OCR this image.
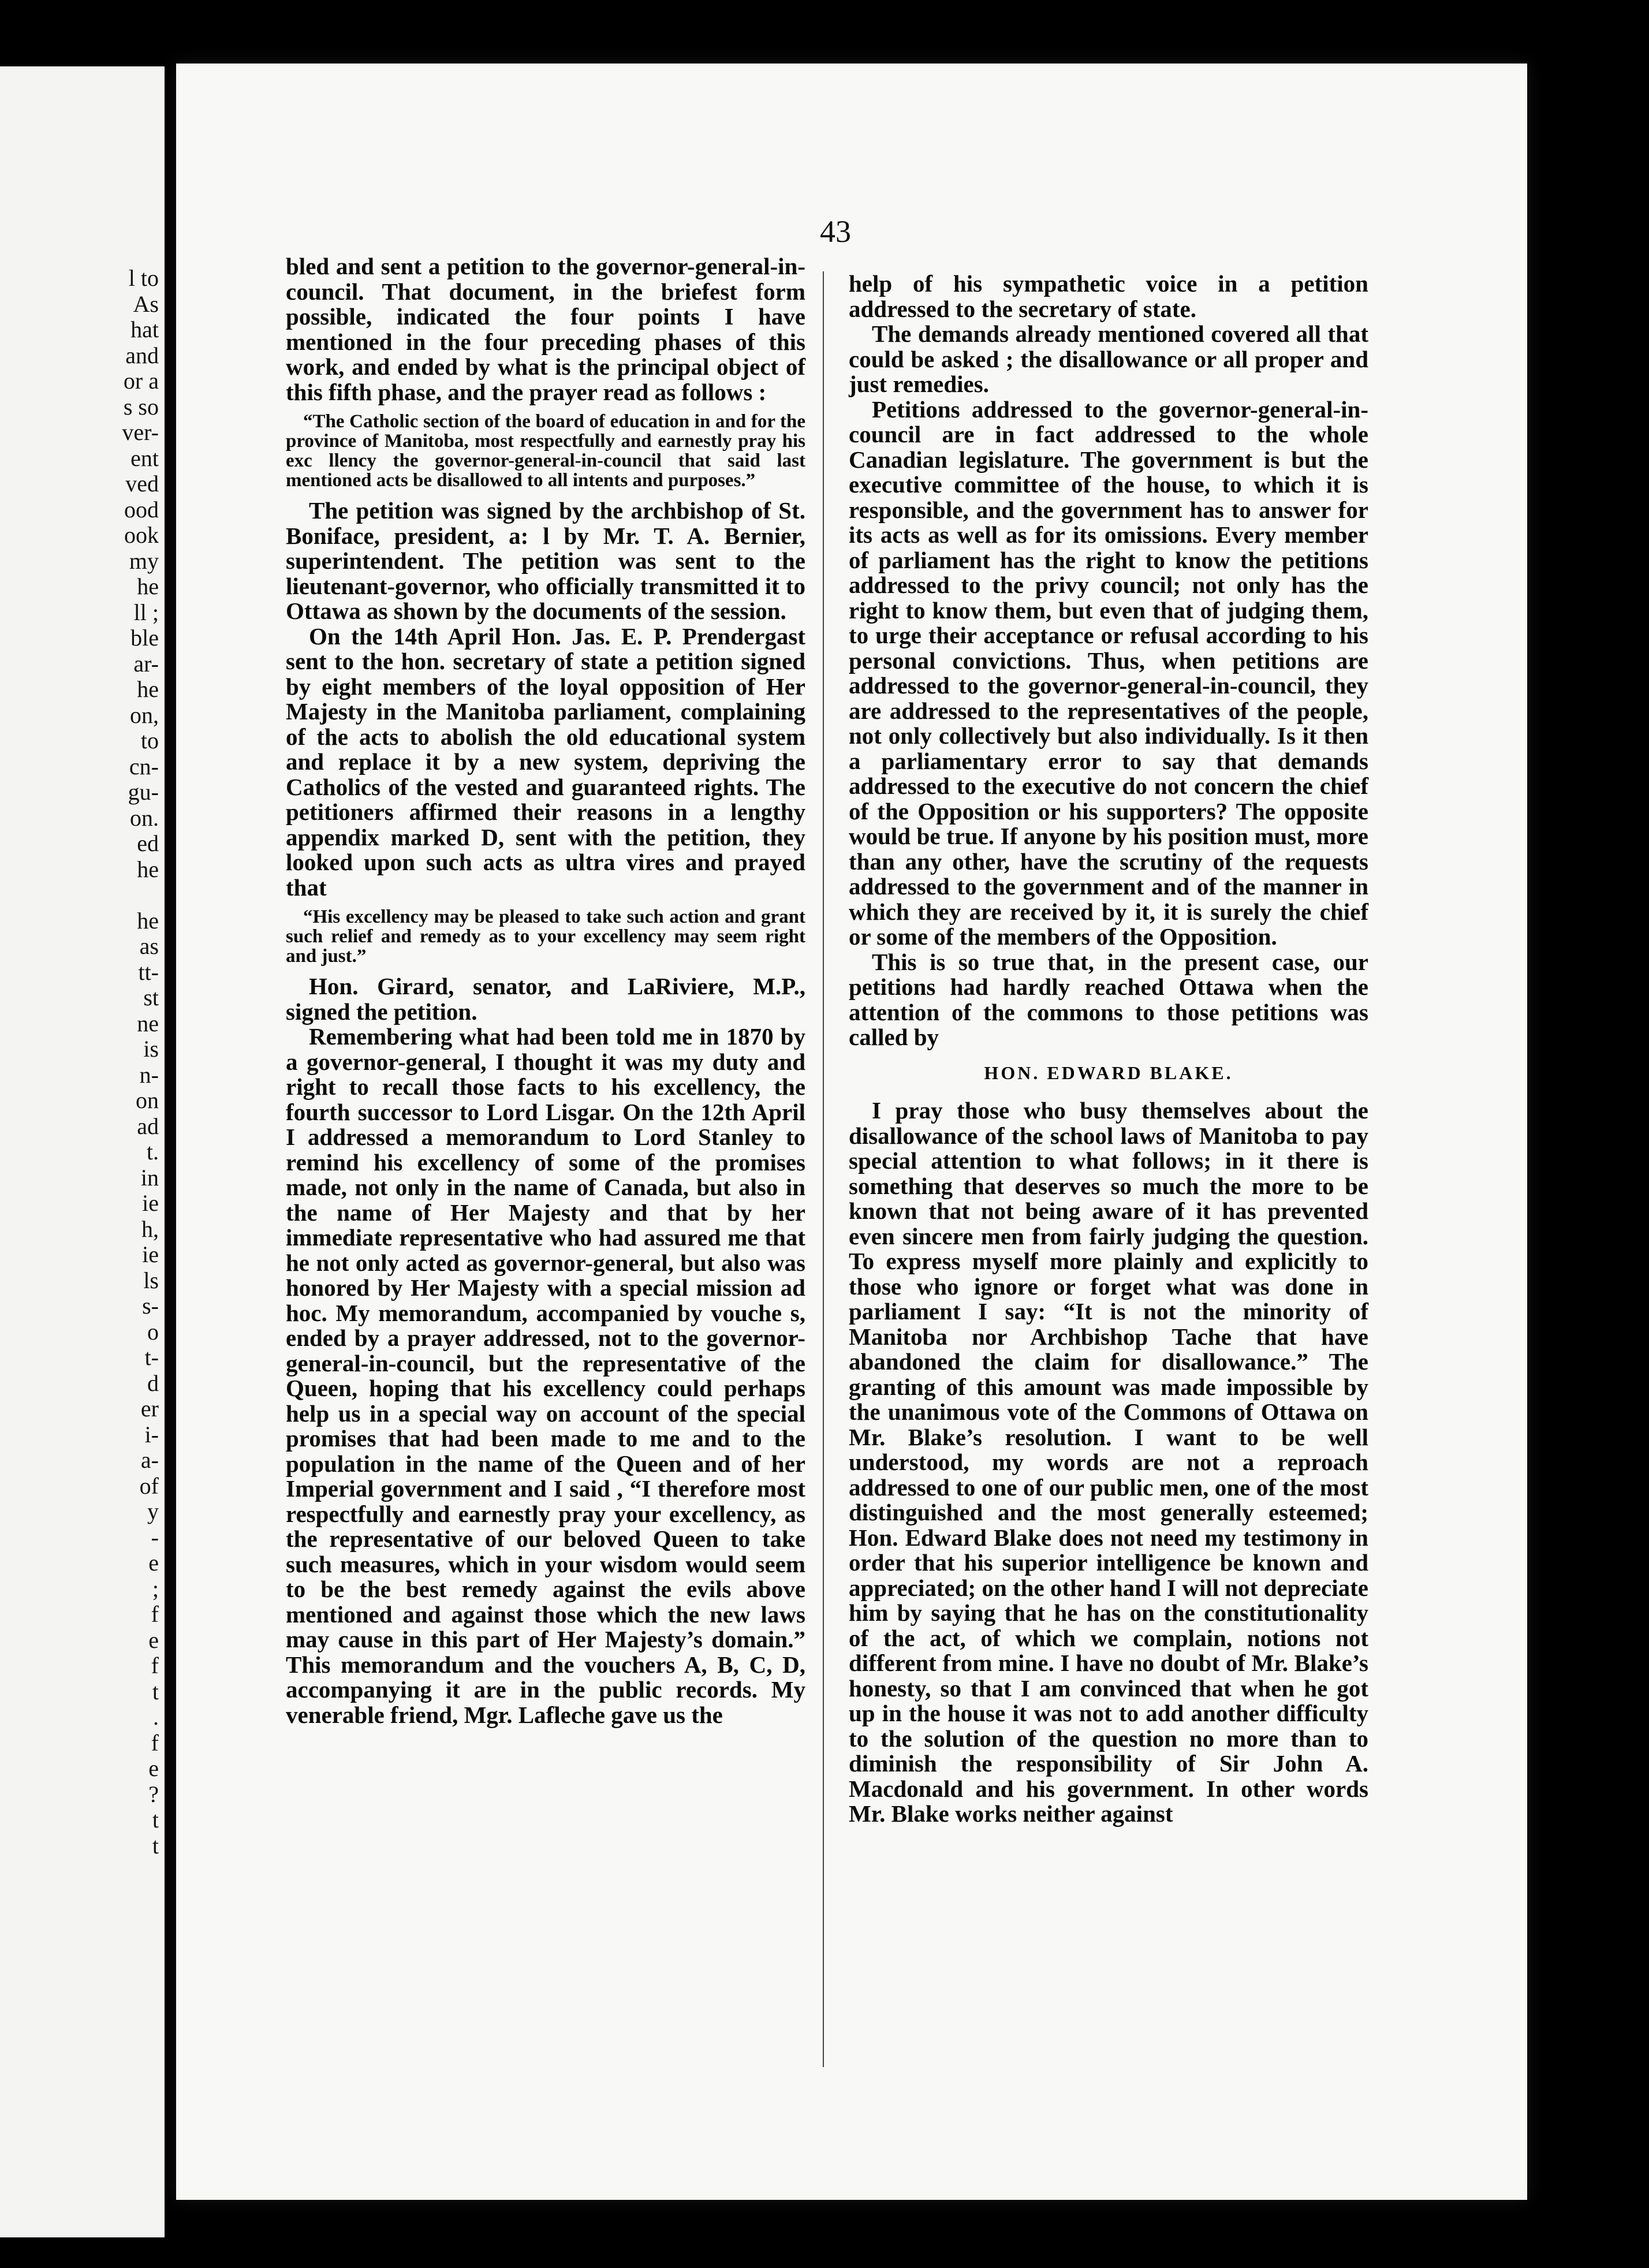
l to
As
hat
and
or a
s so
ver-
ent
ved
ood
ook
my
he
ll ;
ble
ar-
he
on,
to
cn-
gu-
on.
ed
he

he
as
tt-
st
ne
is
n-
on
ad
t.
in
ie
h,
ie
ls
s-
o
t-
d
er
i-
a-
of
y
-
e
;
f
e
f
t
.
f
e
?
t
t
43

bled and sent a petition to the governor-general-in-council. That document, in the briefest form possible, indicated the four points I have mentioned in the four preceding phases of this work, and ended by what is the principal object of this fifth phase, and the prayer read as follows :

“The Catholic section of the board of education in and for the province of Manitoba, most respectfully and earnestly pray his exc llency the governor-general-in-council that said last mentioned acts be disallowed to all intents and purposes.”

The petition was signed by the archbishop of St. Boniface, president, a: l by Mr. T. A. Bernier, superintendent. The petition was sent to the lieutenant-governor, who officially transmitted it to Ottawa as shown by the documents of the session.

On the 14th April Hon. Jas. E. P. Prendergast sent to the hon. secretary of state a petition signed by eight members of the loyal opposition of Her Majesty in the Manitoba parliament, complaining of the acts to abolish the old educational system and replace it by a new system, depriving the Catholics of the vested and guaranteed rights. The petitioners affirmed their reasons in a lengthy appendix marked D, sent with the petition, they looked upon such acts as ultra vires and prayed that

“His excellency may be pleased to take such action and grant such relief and remedy as to your excellency may seem right and just.”

Hon. Girard, senator, and LaRiviere, M.P., signed the petition.

Remembering what had been told me in 1870 by a governor-general, I thought it was my duty and right to recall those facts to his excellency, the fourth successor to Lord Lisgar. On the 12th April I addressed a memorandum to Lord Stanley to remind his excellency of some of the promises made, not only in the name of Canada, but also in the name of Her Majesty and that by her immediate representative who had assured me that he not only acted as governor-general, but also was honored by Her Majesty with a special mission ad hoc. My memorandum, accompanied by vouche s, ended by a prayer addressed, not to the governor-general-in-council, but the representative of the Queen, hoping that his excellency could perhaps help us in a special way on account of the special promises that had been made to me and to the population in the name of the Queen and of her Imperial government and I said , “I therefore most respectfully and earnestly pray your excellency, as the representative of our beloved Queen to take such measures, which in your wisdom would seem to be the best remedy against the evils above mentioned and against those which the new laws may cause in this part of Her Majesty’s domain.” This memorandum and the vouchers A, B, C, D, accompanying it are in the public records. My venerable friend, Mgr. Lafleche gave us the

help of his sympathetic voice in a petition addressed to the secretary of state.

The demands already mentioned covered all that could be asked ; the disallowance or all proper and just remedies.

Petitions addressed to the governor-general-in-council are in fact addressed to the whole Canadian legislature. The government is but the executive committee of the house, to which it is responsible, and the government has to answer for its acts as well as for its omissions. Every member of parliament has the right to know the petitions addressed to the privy council; not only has the right to know them, but even that of judging them, to urge their acceptance or refusal according to his personal convictions. Thus, when petitions are addressed to the governor-general-in-council, they are addressed to the representatives of the people, not only collectively but also individually. Is it then a parliamentary error to say that demands addressed to the executive do not concern the chief of the Opposition or his supporters? The opposite would be true. If anyone by his position must, more than any other, have the scrutiny of the requests addressed to the government and of the manner in which they are received by it, it is surely the chief or some of the members of the Opposition.

This is so true that, in the present case, our petitions had hardly reached Ottawa when the attention of the commons to those petitions was called by

HON. EDWARD BLAKE.

I pray those who busy themselves about the disallowance of the school laws of Manitoba to pay special attention to what follows; in it there is something that deserves so much the more to be known that not being aware of it has prevented even sincere men from fairly judging the question. To express myself more plainly and explicitly to those who ignore or forget what was done in parliament I say: “It is not the minority of Manitoba nor Archbishop Tache that have abandoned the claim for disallowance.” The granting of this amount was made impossible by the unanimous vote of the Commons of Ottawa on Mr. Blake’s resolution. I want to be well understood, my words are not a reproach addressed to one of our public men, one of the most distinguished and the most generally esteemed; Hon. Edward Blake does not need my testimony in order that his superior intelligence be known and appreciated; on the other hand I will not depreciate him by saying that he has on the constitutionality of the act, of which we complain, notions not different from mine. I have no doubt of Mr. Blake’s honesty, so that I am convinced that when he got up in the house it was not to add another difficulty to the solution of the question no more than to diminish the responsibility of Sir John A. Macdonald and his government. In other words Mr. Blake works neither against
